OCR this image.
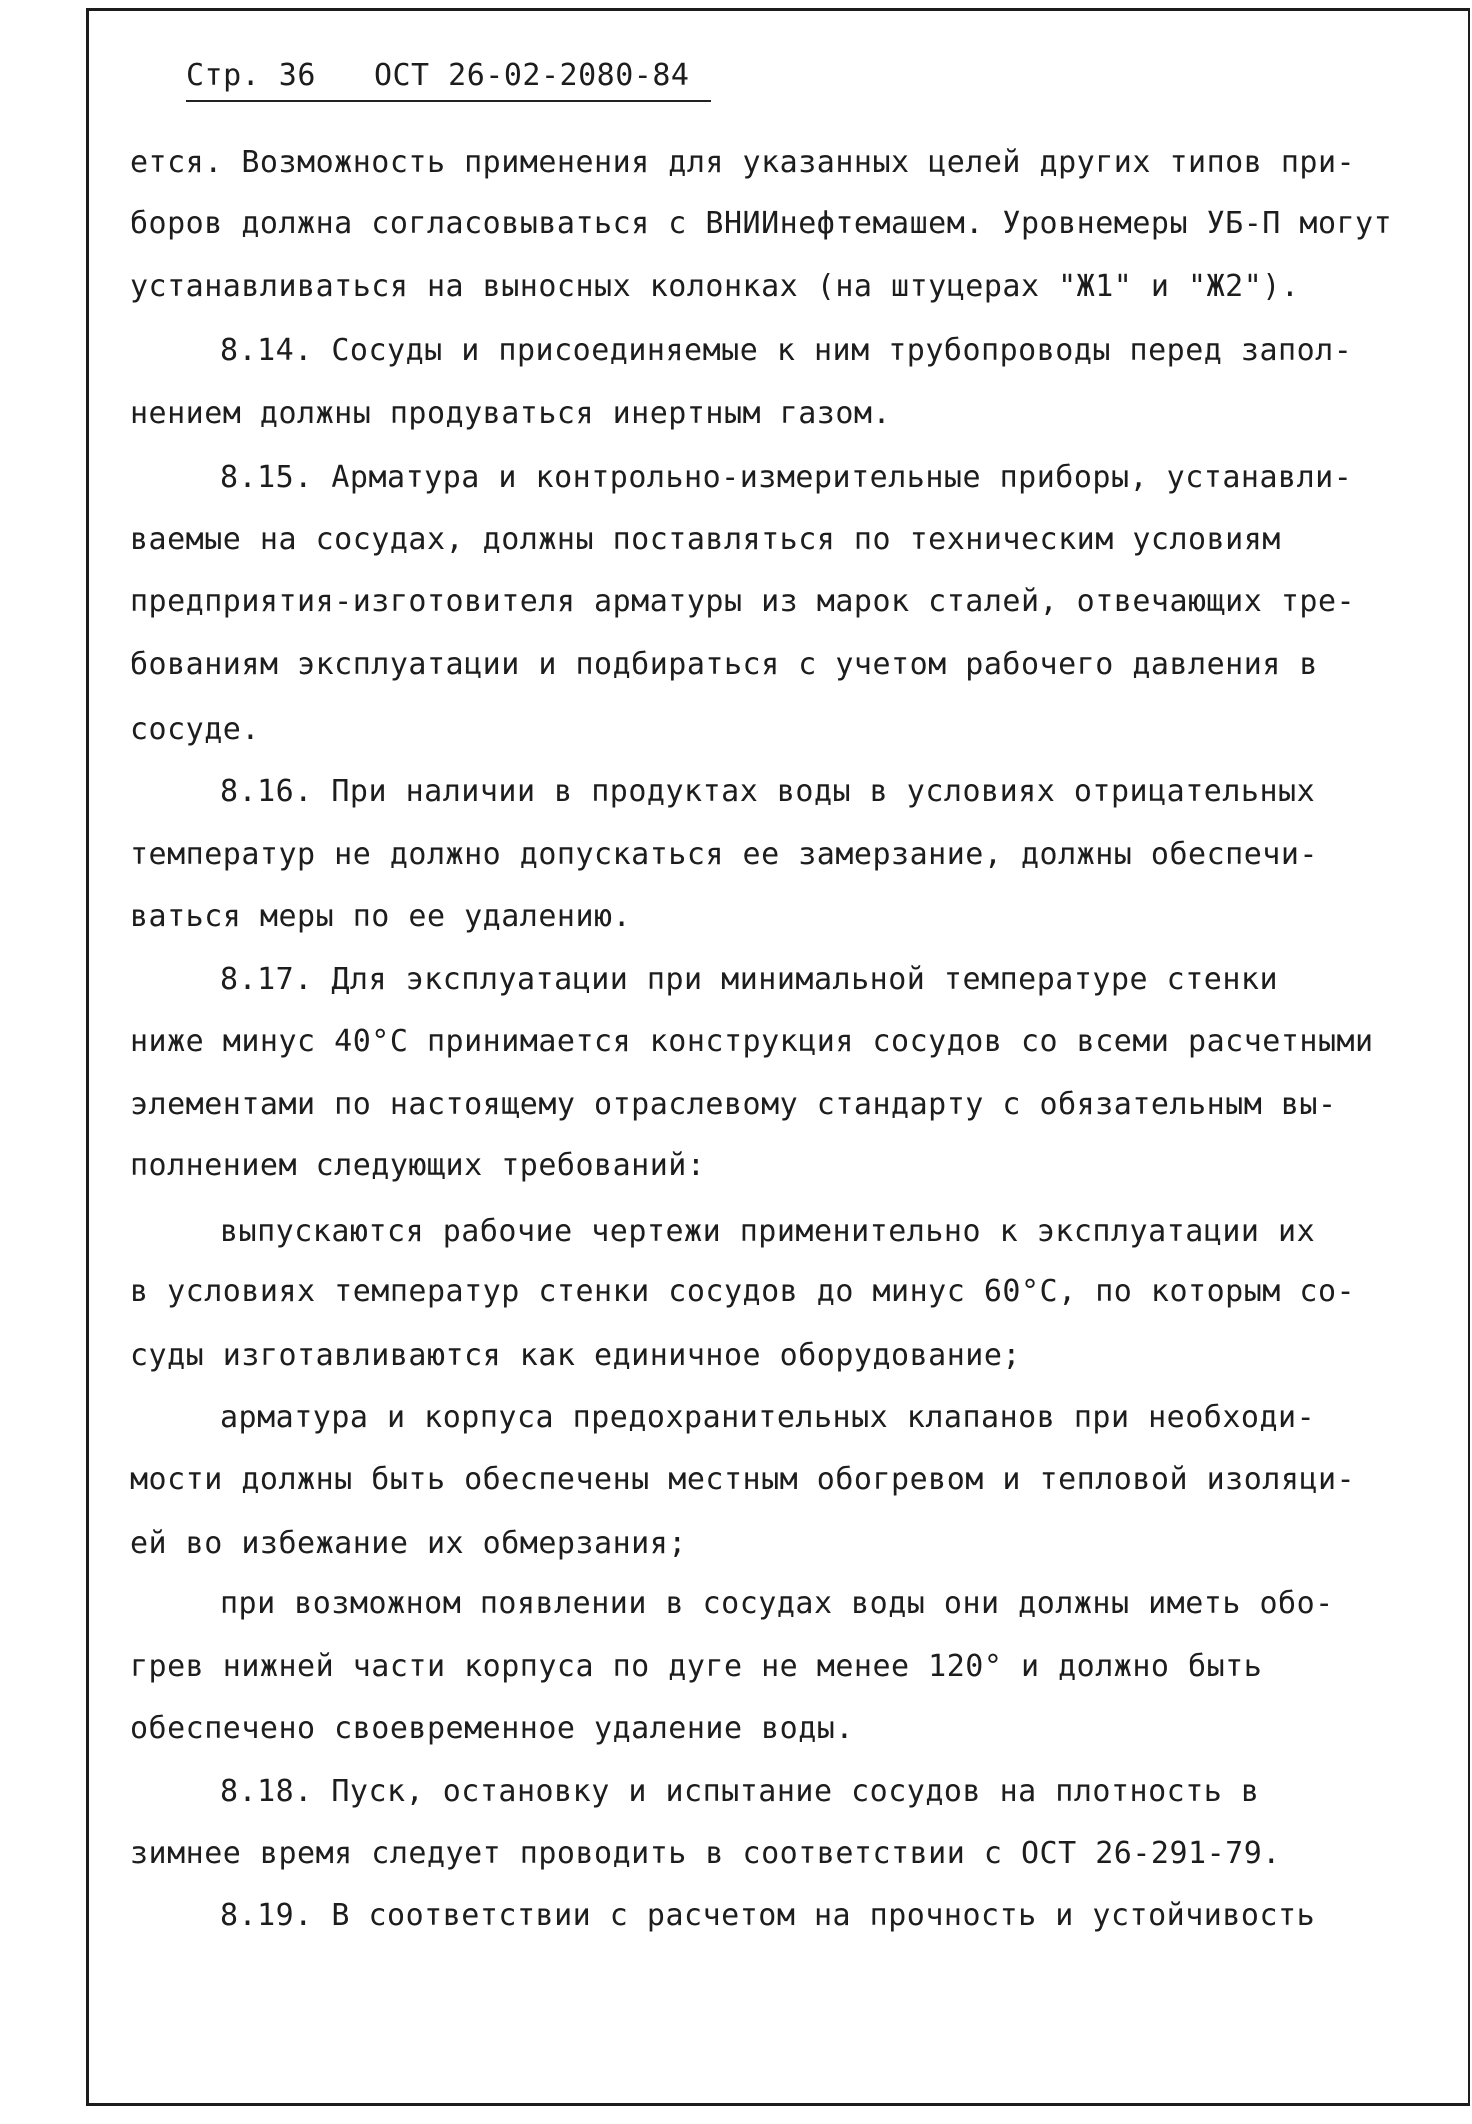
Стр. 36 ОСТ 26-02-2080-84
ется. Возможность применения для указанных целей других типов при-
боров должна согласовываться с ВНИИнефтемашем. Уровнемеры УБ-П могут
устанавливаться на выносных колонках (на штуцерах "Ж1" и "Ж2").
8.14. Сосуды и присоединяемые к ним трубопроводы перед запол-
нением должны продуваться инертным газом.
8.15. Арматура и контрольно-измерительные приборы, устанавли-
ваемые на сосудах, должны поставляться по техническим условиям
предприятия-изготовителя арматуры из марок сталей, отвечающих тре-
бованиям эксплуатации и подбираться с учетом рабочего давления в
сосуде.
8.16. При наличии в продуктах воды в условиях отрицательных
температур не должно допускаться ее замерзание, должны обеспечи-
ваться меры по ее удалению.
8.17. Для эксплуатации при минимальной температуре стенки
ниже минус 40°С принимается конструкция сосудов со всеми расчетными
элементами по настоящему отраслевому стандарту с обязательным вы-
полнением следующих требований:
выпускаются рабочие чертежи применительно к эксплуатации их
в условиях температур стенки сосудов до минус 60°С, по которым со-
суды изготавливаются как единичное оборудование;
арматура и корпуса предохранительных клапанов при необходи-
мости должны быть обеспечены местным обогревом и тепловой изоляци-
ей во избежание их обмерзания;
при возможном появлении в сосудах воды они должны иметь обо-
грев нижней части корпуса по дуге не менее 120° и должно быть
обеспечено своевременное удаление воды.
8.18. Пуск, остановку и испытание сосудов на плотность в
зимнее время следует проводить в соответствии с ОСТ 26-291-79.
8.19. В соответствии с расчетом на прочность и устойчивость
